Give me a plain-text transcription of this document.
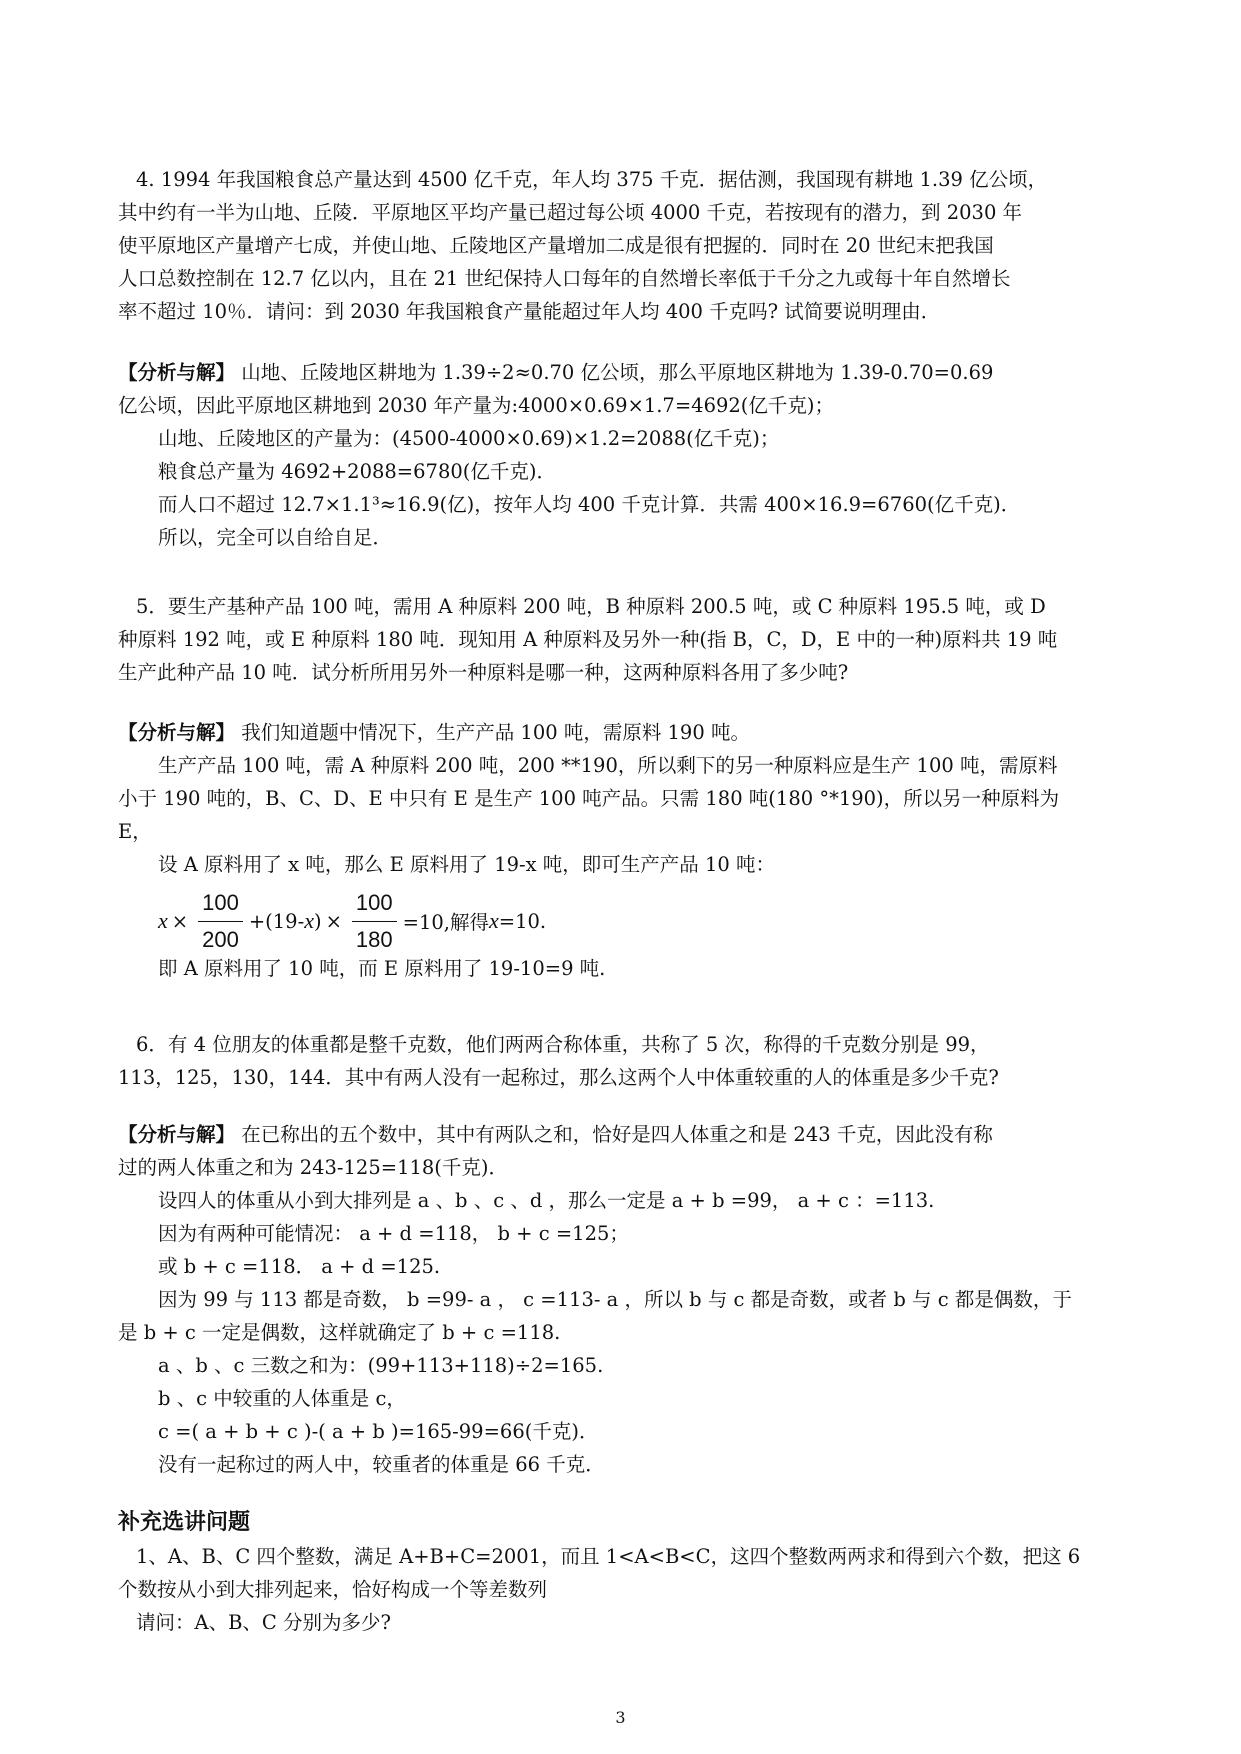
4. 1994 年我国粮食总产量达到 4500 亿千克，年人均 375 千克．据估测，我国现有耕地 1.39 亿公顷，
其中约有一半为山地、丘陵．平原地区平均产量已超过每公顷 4000 千克，若按现有的潜力，到 2030 年
使平原地区产量增产七成，并使山地、丘陵地区产量增加二成是很有把握的．同时在 20 世纪末把我国
人口总数控制在 12.7 亿以内，且在 21 世纪保持人口每年的自然增长率低于千分之九或每十年自然增长
率不超过 10％．请问：到 2030 年我国粮食产量能超过年人均 400 千克吗? 试简要说明理由．
【分析与解】 山地、丘陵地区耕地为 1.39÷2≈0.70 亿公顷，那么平原地区耕地为 1.39-0.70=0.69
亿公顷，因此平原地区耕地到 2030 年产量为:4000×0.69×1.7=4692(亿千克)；
山地、丘陵地区的产量为：(4500-4000×0.69)×1.2=2088(亿千克)；
粮食总产量为 4692+2088=6780(亿千克)．
而人口不超过 12.7×1.1³≈16.9(亿)，按年人均 400 千克计算．共需 400×16.9=6760(亿千克)．
所以，完全可以自给自足．
5．要生产基种产品 100 吨，需用 A 种原料 200 吨，B 种原料 200.5 吨，或 C 种原料 195.5 吨，或 D
种原料 192 吨，或 E 种原料 180 吨．现知用 A 种原料及另外一种(指 B，C，D，E 中的一种)原料共 19 吨
生产此种产品 10 吨．试分析所用另外一种原料是哪一种，这两种原料各用了多少吨?
【分析与解】 我们知道题中情况下，生产产品 100 吨，需原料 190 吨。
生产产品 100 吨，需 A 种原料 200 吨，200 **190，所以剩下的另一种原料应是生产 100 吨，需原料
小于 190 吨的，B、C、D、E 中只有 E 是生产 100 吨产品。只需 180 吨(180 °*190)，所以另一种原料为
E，
设 A 原料用了 x 吨，那么 E 原料用了 19-x 吨，即可生产产品 10 吨：
$x \times \frac{100}{200} +(19-$ x ) × $\frac{100}{180} =10$,解得 x =10.
即 A 原料用了 10 吨，而 E 原料用了 19-10=9 吨.
6．有 4 位朋友的体重都是整千克数，他们两两合称体重，共称了 5 次，称得的千克数分别是 99，
113，125，130，144．其中有两人没有一起称过，那么这两个人中体重较重的人的体重是多少千克?
【分析与解】 在已称出的五个数中，其中有两队之和，恰好是四人体重之和是 243 千克，因此没有称
过的两人体重之和为 243-125=118(千克)．
设四人的体重从小到大排列是 a 、b 、c 、d ，那么一定是 a + b =99， a + c ：=113.
因为有两种可能情况： a + d =118， b + c =125；
或 b + c =118． a + d =125.
因为 99 与 113 都是奇数， b =99- a ， c =113- a ，所以 b 与 c 都是奇数，或者 b 与 c 都是偶数，于
是 b + c 一定是偶数，这样就确定了 b + c =118.
a 、b 、c 三数之和为：(99+113+118)÷2=165.
b 、c 中较重的人体重是 c，
c =( a + b + c )-( a + b )=165-99=66(千克)．
没有一起称过的两人中，较重者的体重是 66 千克．
补充选讲问题
1、A、B、C 四个整数，满足 A+B+C=2001，而且 1<A<B<C，这四个整数两两求和得到六个数，把这 6
个数按从小到大排列起来，恰好构成一个等差数列
请问：A、B、C 分别为多少?
3
